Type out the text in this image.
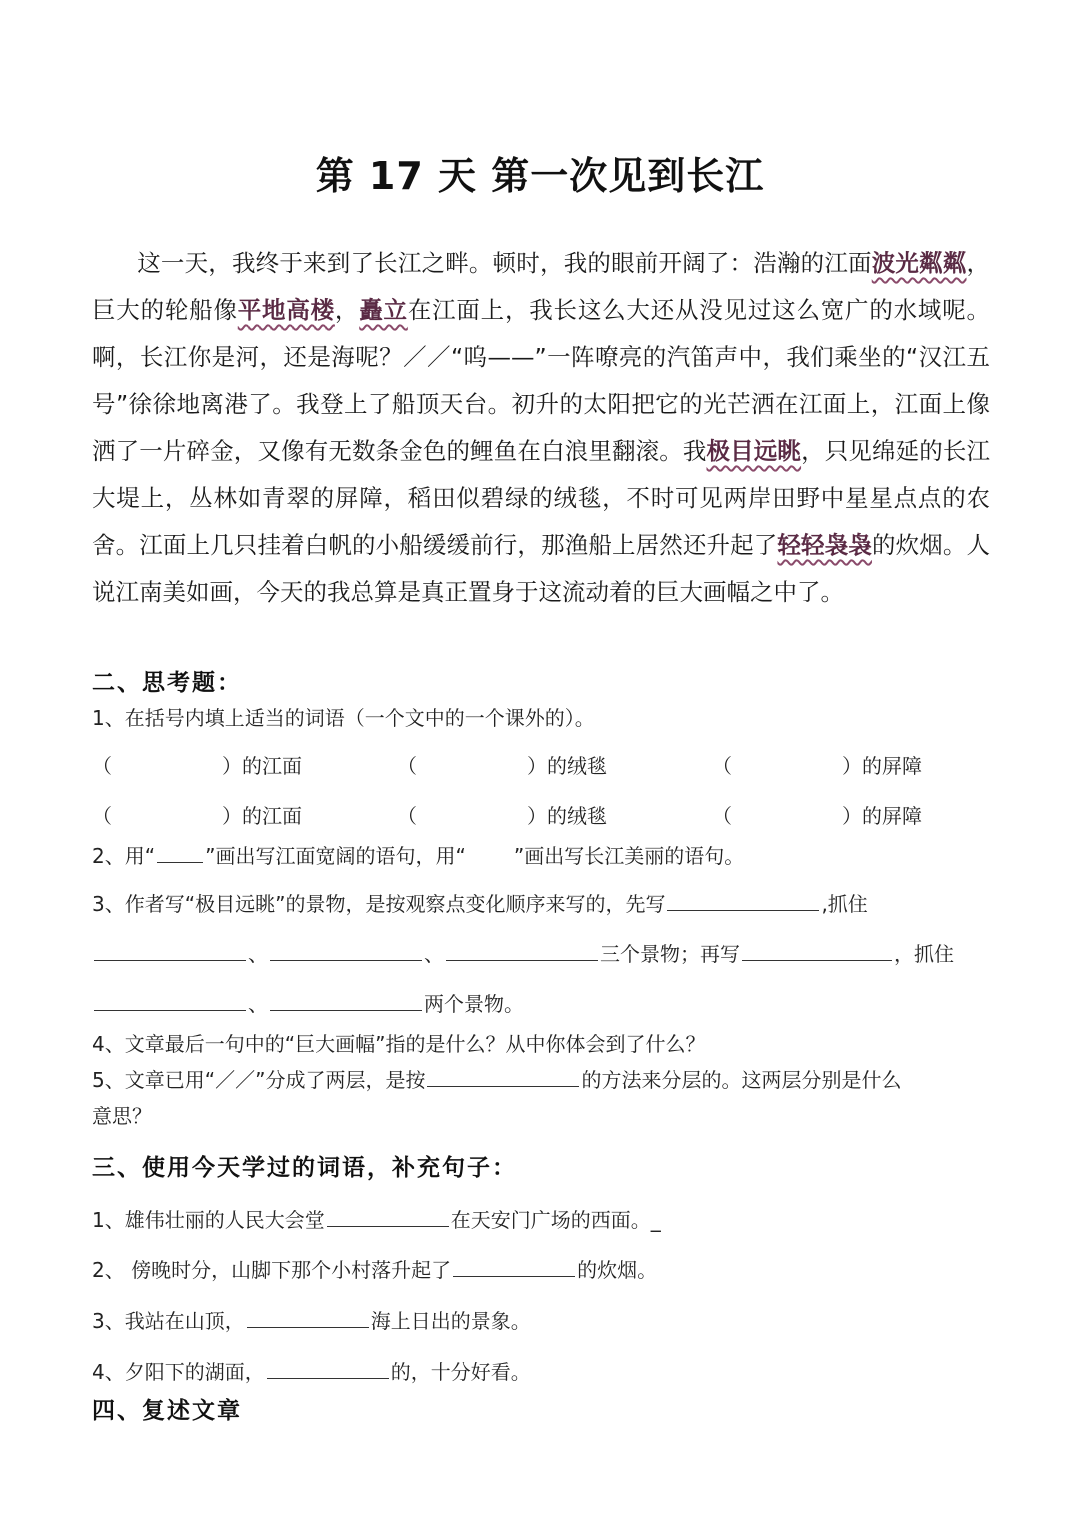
第 17 天 第一次见到长江
这一天，我终于来到了长江之畔。顿时，我的眼前开阔了：浩瀚的江面波光粼粼，巨大的轮船像平地高楼，矗立在江面上，我长这么大还从没见过这么宽广的水域呢。啊，长江你是河，还是海呢？／／“呜——”一阵嘹亮的汽笛声中，我们乘坐的“汉江五号”徐徐地离港了。我登上了船顶天台。初升的太阳把它的光芒洒在江面上，江面上像洒了一片碎金，又像有无数条金色的鲤鱼在白浪里翻滚。我极目远眺，只见绵延的长江大堤上，丛林如青翠的屏障，稻田似碧绿的绒毯，不时可见两岸田野中星星点点的农舍。江面上几只挂着白帆的小船缓缓前行，那渔船上居然还升起了轻轻袅袅的炊烟。人说江南美如画，今天的我总算是真正置身于这流动着的巨大画幅之中了。
二、思考题：
1、在括号内填上适当的词语（一个文中的一个课外的）。
（	）的江面	（	）的绒毯	（	）的屏障
（	）的江面	（	）的绒毯	（	）的屏障
2、用“	”画出写江面宽阔的语句，用“ ”画出写长江美丽的语句。
3、作者写“极目远眺”的景物，是按观察点变化顺序来写的，先写	,抓住
、	、	三个景物；再写	，抓住
、	两个景物。
4、文章最后一句中的“巨大画幅”指的是什么？从中你体会到了什么？
5、文章已用“／／”分成了两层，是按	的方法来分层的。这两层分别是什么
意思？
三、使用今天学过的词语，补充句子：
1、雄伟壮丽的人民大会堂	在天安门广场的西面。_
2、 傍晚时分，山脚下那个小村落升起了	的炊烟。
3、我站在山顶，	海上日出的景象。
4、夕阳下的湖面，	的，十分好看。
四、复述文章
